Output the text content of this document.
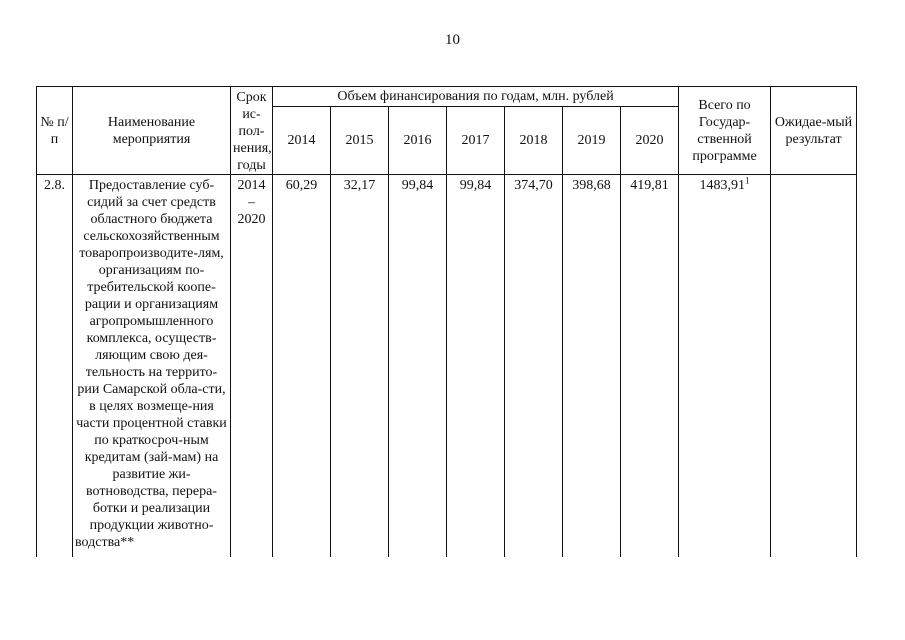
10
№ п/п	Наименование мероприятия	Срок ис-пол-нения, годы	Объем финансирования по годам, млн. рублей							Всего по Государ-ственной программе	Ожидае-мый результат
			2014	2015	2016	2017	2018	2019	2020		
2.8.	Предоставление суб-сидий за счет средств областного бюджета сельскохозяйственным товаропроизводите-лям, организациям по-требительской коопе-рации и организациям агропромышленного комплекса, осуществ-ляющим свою дея-тельность на террито-рии Самарской обла-сти, в целях возмеще-ния части процентной ставки по краткосроч-ным кредитам (зай-мам) на развитие жи-вотноводства, перера-ботки и реализации продукции животно-водства**	2014 – 2020	60,29	32,17	99,84	99,84	374,70	398,68	419,81	1483,91$^1$	
